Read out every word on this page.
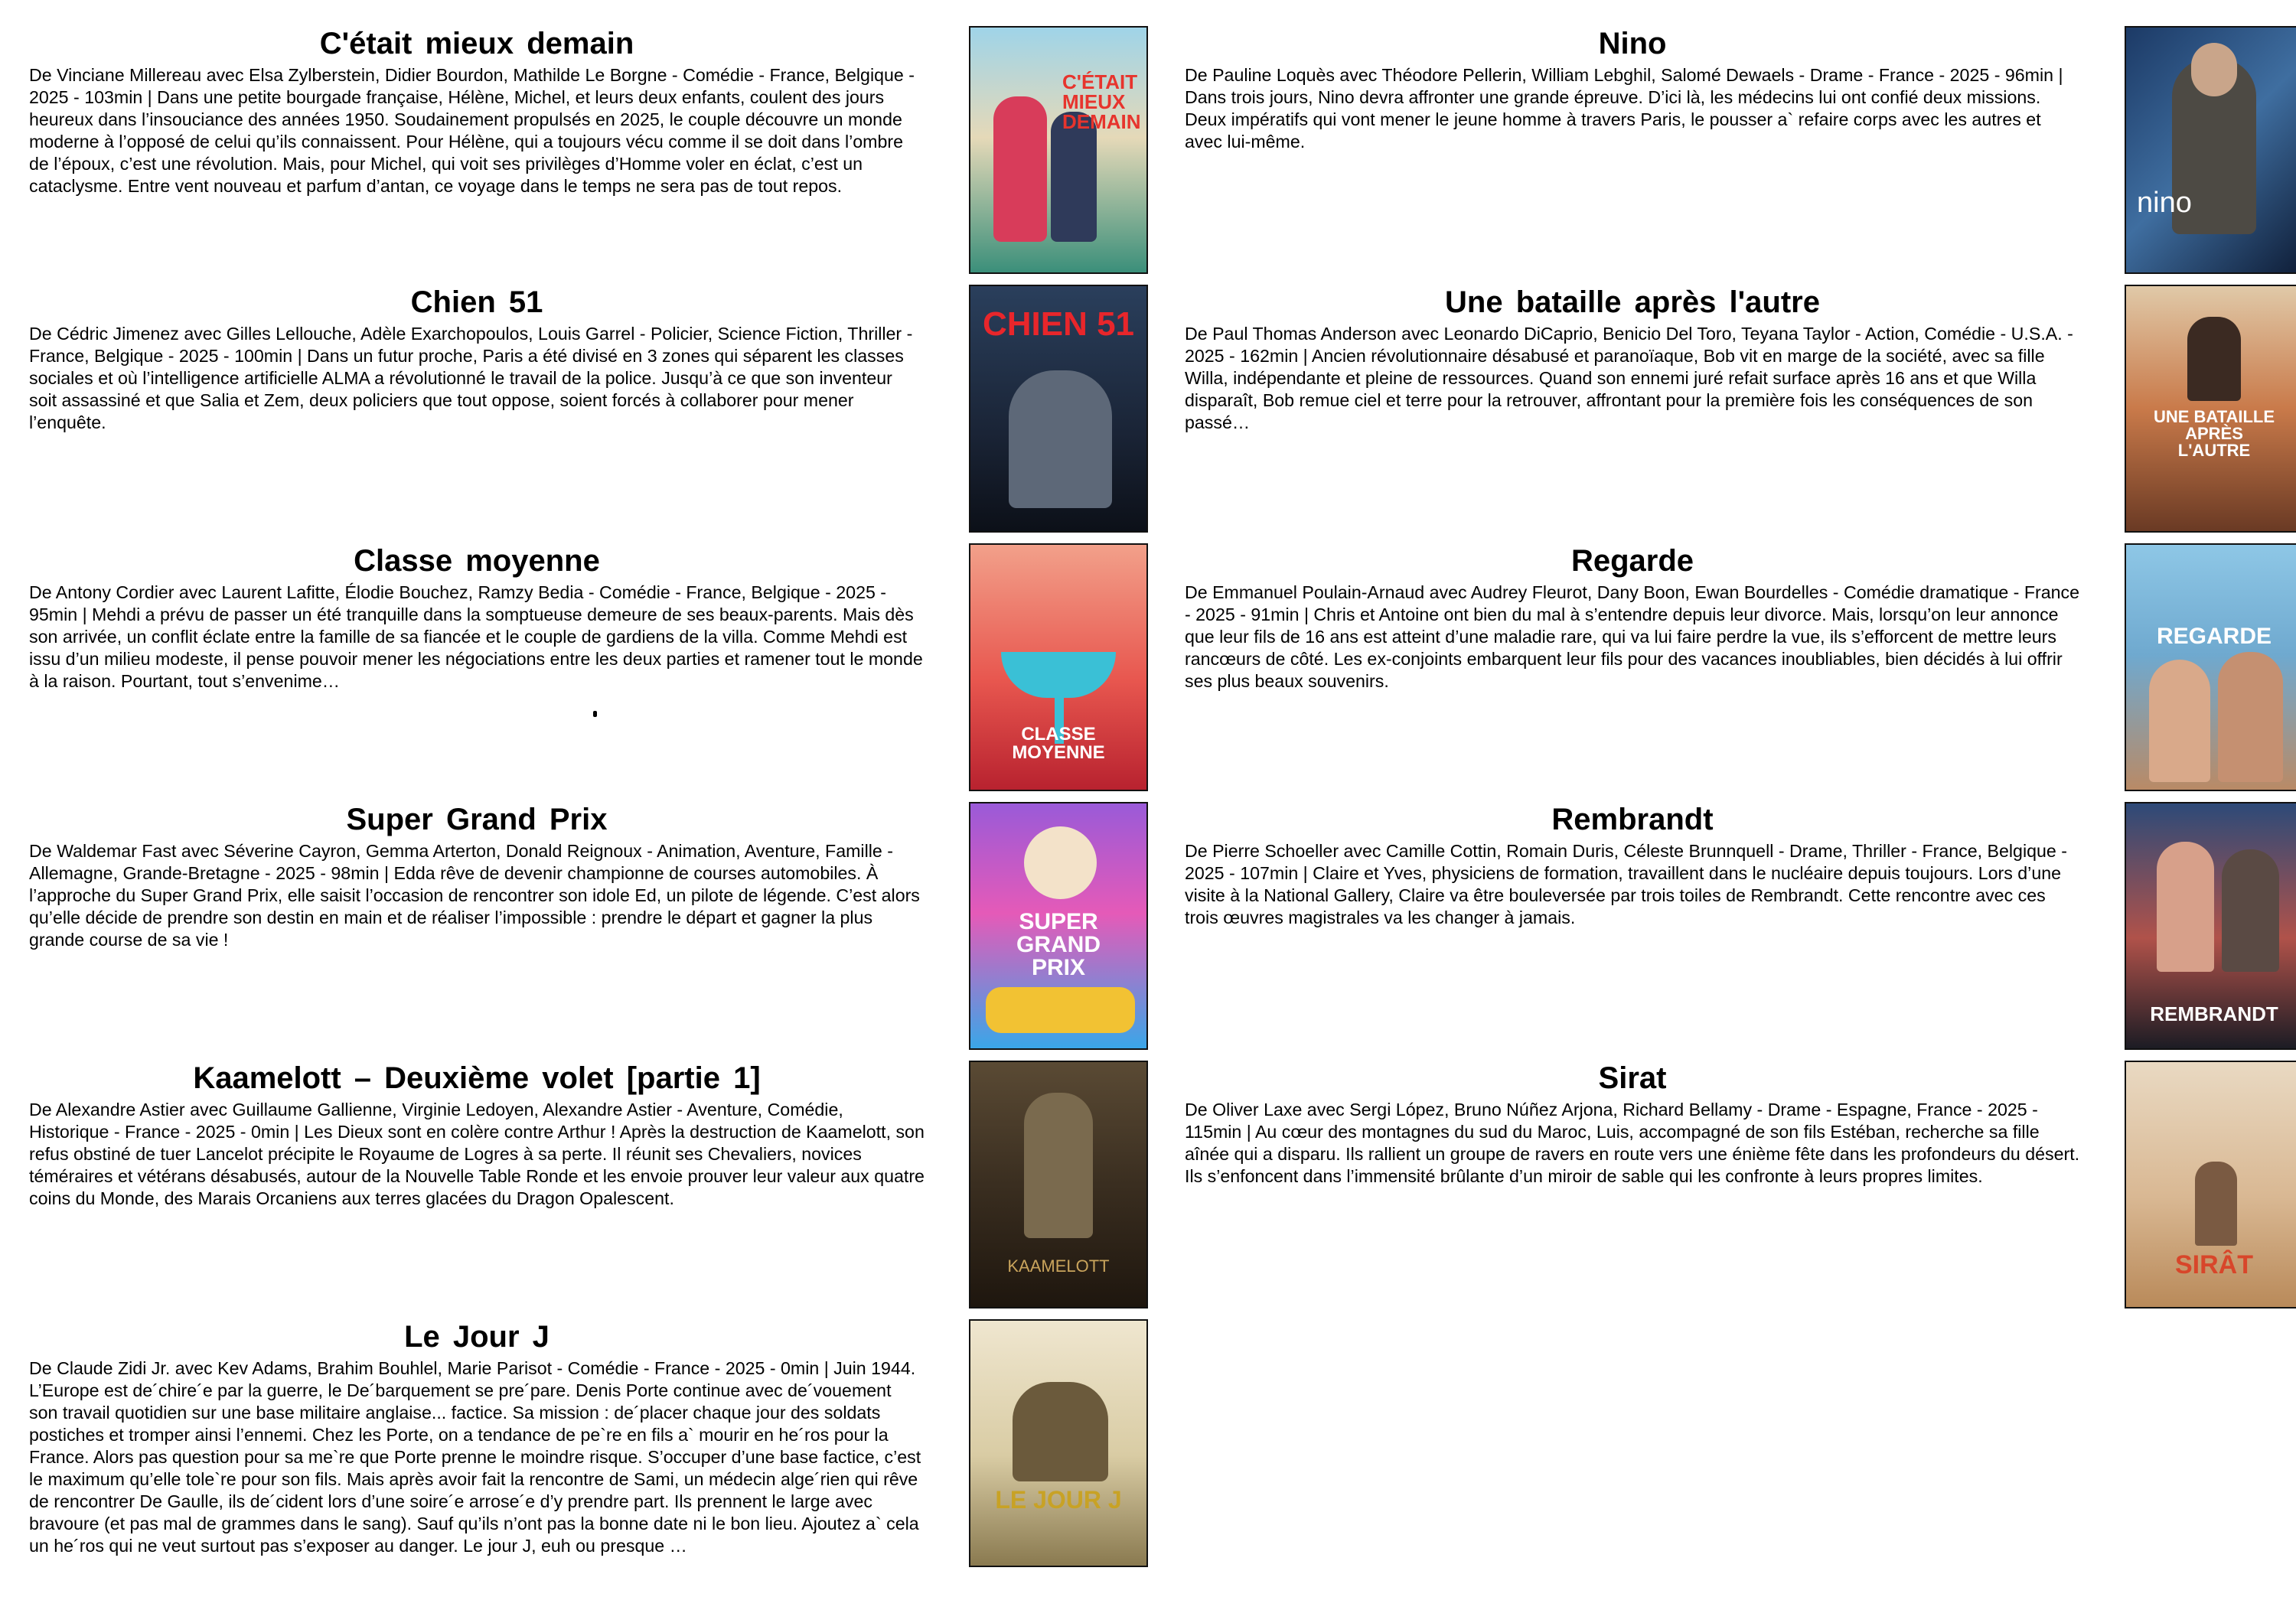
C'était mieux demain

De Vinciane Millereau avec Elsa Zylberstein, Didier Bourdon, Mathilde Le Borgne - Comédie - France, Belgique - 2025 - 103min | Dans une petite bourgade française, Hélène, Michel, et leurs deux enfants, coulent des jours heureux dans l’insouciance des années 1950. Soudainement propulsés en 2025, le couple découvre un monde moderne à l’opposé de celui qu’ils connaissent. Pour Hélène, qui a toujours vécu comme il se doit dans l’ombre de l’époux, c’est une révolution. Mais, pour Michel, qui voit ses privilèges d’Homme voler en éclat, c’est un cataclysme. Entre vent nouveau et parfum d’antan, ce voyage dans le temps ne sera pas de tout repos.

C'ÉTAIT MIEUX DEMAIN
Nino

De Pauline Loquès avec Théodore Pellerin, William Lebghil, Salomé Dewaels - Drame - France - 2025 - 96min | Dans trois jours, Nino devra affronter une grande épreuve. D’ici là, les médecins lui ont confié deux missions. Deux impératifs qui vont mener le jeune homme à travers Paris, le pousser a` refaire corps avec les autres et avec lui-même.

nino
Chien 51

De Cédric Jimenez avec Gilles Lellouche, Adèle Exarchopoulos, Louis Garrel - Policier, Science Fiction, Thriller - France, Belgique - 2025 - 100min | Dans un futur proche, Paris a été divisé en 3 zones qui séparent les classes sociales et où l’intelligence artificielle ALMA a révolutionné le travail de la police. Jusqu’à ce que son inventeur soit assassiné et que Salia et Zem, deux policiers que tout oppose, soient forcés à collaborer pour mener l’enquête.

CHIEN 51
Une bataille après l'autre

De Paul Thomas Anderson avec Leonardo DiCaprio, Benicio Del Toro, Teyana Taylor - Action, Comédie - U.S.A. - 2025 - 162min | Ancien révolutionnaire désabusé et paranoïaque, Bob vit en marge de la société, avec sa fille Willa, indépendante et pleine de ressources. Quand son ennemi juré refait surface après 16 ans et que Willa disparaît, Bob remue ciel et terre pour la retrouver, affrontant pour la première fois les conséquences de son passé…	UNE BATAILLE APRÈS L'AUTRE
Classe moyenne

De Antony Cordier avec Laurent Lafitte, Élodie Bouchez, Ramzy Bedia - Comédie - France, Belgique - 2025 - 95min | Mehdi a prévu de passer un été tranquille dans la somptueuse demeure de ses beaux-parents. Mais dès son arrivée, un conflit éclate entre la famille de sa fiancée et le couple de gardiens de la villa. Comme Mehdi est issu d’un milieu modeste, il pense pouvoir mener les négociations entre les deux parties et ramener tout le monde à la raison. Pourtant, tout s’envenime…

CLASSE MOYENNE
Regarde

De Emmanuel Poulain-Arnaud avec Audrey Fleurot, Dany Boon, Ewan Bourdelles - Comédie dramatique - France - 2025 - 91min | Chris et Antoine ont bien du mal à s’entendre depuis leur divorce. Mais, lorsqu’on leur annonce que leur fils de 16 ans est atteint d’une maladie rare, qui va lui faire perdre la vue, ils s’efforcent de mettre leurs rancœurs de côté. Les ex-conjoints embarquent leur fils pour des vacances inoubliables, bien décidés à lui offrir ses plus beaux souvenirs.

REGARDE
Super Grand Prix

De Waldemar Fast avec Séverine Cayron, Gemma Arterton, Donald Reignoux - Animation, Aventure, Famille - Allemagne, Grande-Bretagne - 2025 - 98min | Edda rêve de devenir championne de courses automobiles. À l’approche du Super Grand Prix, elle saisit l’occasion de rencontrer son idole Ed, un pilote de légende. C’est alors qu’elle décide de prendre son destin en main et de réaliser l’impossible : prendre le départ et gagner la plus grande course de sa vie !

SUPER GRAND PRIX
Rembrandt

De Pierre Schoeller avec Camille Cottin, Romain Duris, Céleste Brunnquell - Drame, Thriller - France, Belgique - 2025 - 107min | Claire et Yves, physiciens de formation, travaillent dans le nucléaire depuis toujours. Lors d’une visite à la National Gallery, Claire va être bouleversée par trois toiles de Rembrandt. Cette rencontre avec ces trois œuvres magistrales va les changer à jamais.

REMBRANDT
Kaamelott – Deuxième volet [partie 1]

De Alexandre Astier avec Guillaume Gallienne, Virginie Ledoyen, Alexandre Astier - Aventure, Comédie, Historique - France - 2025 - 0min | Les Dieux sont en colère contre Arthur ! Après la destruction de Kaamelott, son refus obstiné de tuer Lancelot précipite le Royaume de Logres à sa perte. Il réunit ses Chevaliers, novices téméraires et vétérans désabusés, autour de la Nouvelle Table Ronde et les envoie prouver leur valeur aux quatre coins du Monde, des Marais Orcaniens aux terres glacées du Dragon Opalescent.

KAAMELOTT
Sirat

De Oliver Laxe avec Sergi López, Bruno Núñez Arjona, Richard Bellamy - Drame - Espagne, France - 2025 - 115min | Au cœur des montagnes du sud du Maroc, Luis, accompagné de son fils Estéban, recherche sa fille aînée qui a disparu. Ils rallient un groupe de ravers en route vers une énième fête dans les profondeurs du désert. Ils s’enfoncent dans l’immensité brûlante d’un miroir de sable qui les confronte à leurs propres limites.

SIRÂT
Le Jour J

De Claude Zidi Jr. avec Kev Adams, Brahim Bouhlel, Marie Parisot - Comédie - France - 2025 - 0min | Juin 1944. L’Europe est de´chire´e par la guerre, le De´barquement se pre´pare. Denis Porte continue avec de´vouement son travail quotidien sur une base militaire anglaise... factice. Sa mission : de´placer chaque jour des soldats postiches et tromper ainsi l’ennemi. Chez les Porte, on a tendance de pe`re en fils a` mourir en he´ros pour la France. Alors pas question pour sa me`re que Porte prenne le moindre risque. S’occuper d’une base factice, c’est le maximum qu’elle tole`re pour son fils. Mais après avoir fait la rencontre de Sami, un médecin alge´rien qui rêve de rencontrer De Gaulle, ils de´cident lors d’une soire´e arrose´e d’y prendre part. Ils prennent le large avec bravoure (et pas mal de grammes dans le sang). Sauf qu’ils n’ont pas la bonne date ni le bon lieu. Ajoutez a` cela un he´ros qui ne veut surtout pas s’exposer au danger. Le jour J, euh ou presque …

LE JOUR J
